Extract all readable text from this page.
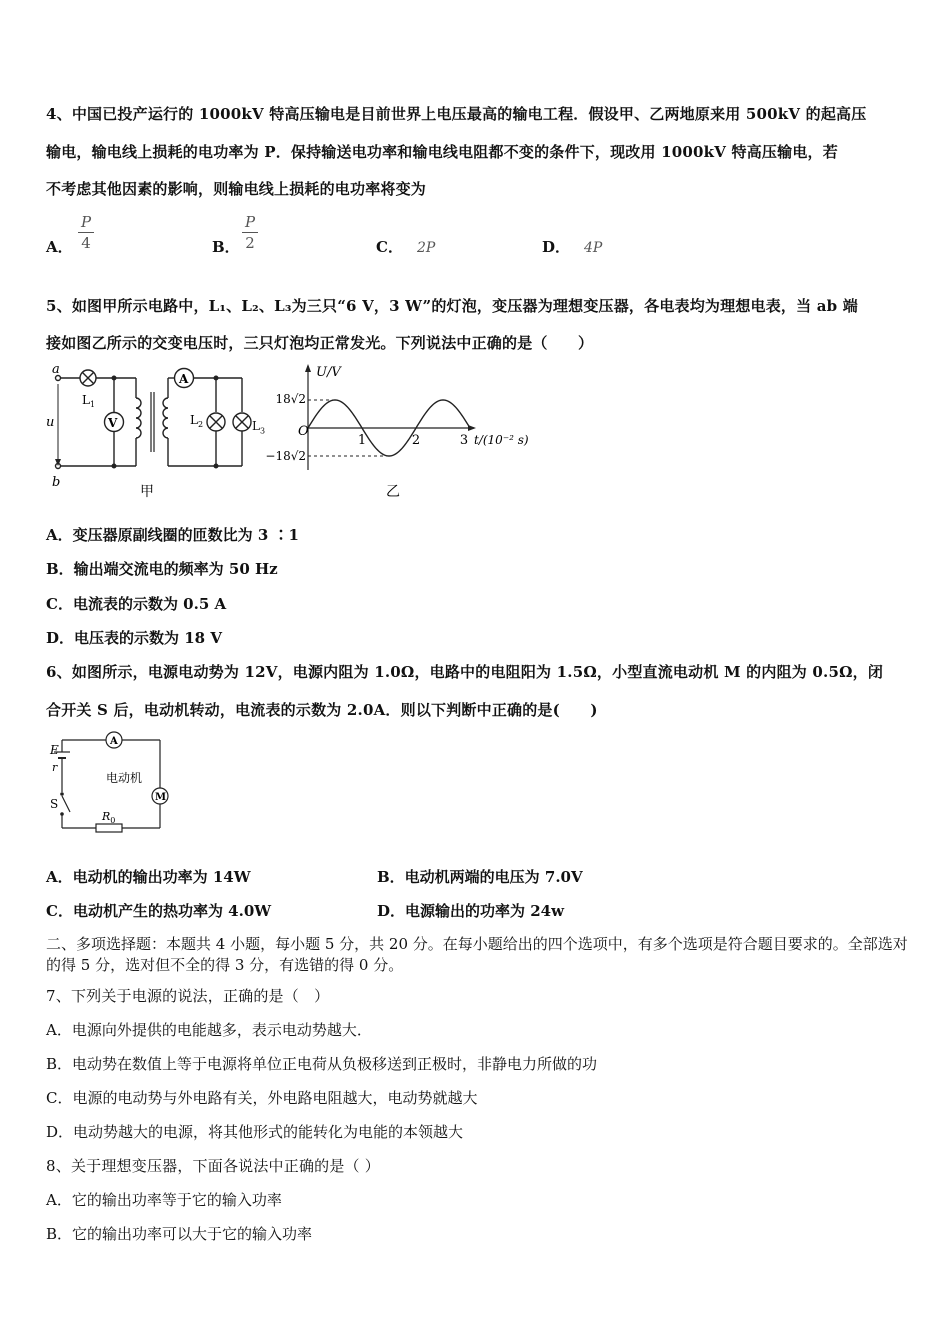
4、中国已投产运行的 1000kV 特高压输电是目前世界上电压最高的输电工程．假设甲、乙两地原来用 500kV 的起高压
输电，输电线上损耗的电功率为 P．保持输送电功率和输电线电阻都不变的条件下，现改用 1000kV 特高压输电，若
不考虑其他因素的影响，则输电线上损耗的电功率将变为
A．
P
4	B．
P
2	C． 2P	D． 4P
5、如图甲所示电路中，L₁、L₂、L₃为三只“6 V，3 W”的灯泡，变压器为理想变压器，各电表均为理想电表，当 ab 端
接如图乙所示的交变电压时，三只灯泡均正常发光。下列说法中正确的是（　　）
a
b
u
$L_1$
V
A
$L_2$
甲
$L_3$
U/V
18√2
−18√2
O
1	2	3 t/(10⁻² s)
乙
A．变压器原副线圈的匝数比为 3 ∶1
B．输出端交流电的频率为 50 Hz
C．电流表的示数为 0.5 A
D．电压表的示数为 18 V
6、如图所示，电源电动势为 12V，电源内阻为 1.0Ω，电路中的电阻阳为 1.5Ω，小型直流电动机 M 的内阻为 0.5Ω，闭
合开关 S 后，电动机转动，电流表的示数为 2.0A．则以下判断中正确的是(　　)
E
r
S
A
M
电动机
$R_0$
A．电动机的输出功率为 14W	B．电动机两端的电压为 7.0V
C．电动机产生的热功率为 4.0W	D．电源输出的功率为 24w
二、多项选择题：本题共 4 小题，每小题 5 分，共 20 分。在每小题给出的四个选项中，有多个选项是符合题目要求的。全部选对的得 5 分，选对但不全的得 3 分，有选错的得 0 分。
7、下列关于电源的说法，正确的是（　）
A．电源向外提供的电能越多，表示电动势越大．
B．电动势在数值上等于电源将单位正电荷从负极移送到正极时，非静电力所做的功
C．电源的电动势与外电路有关，外电路电阻越大，电动势就越大
D．电动势越大的电源，将其他形式的能转化为电能的本领越大
8、关于理想变压器，下面各说法中正确的是（ ）
A．它的输出功率等于它的输入功率
B．它的输出功率可以大于它的输入功率
